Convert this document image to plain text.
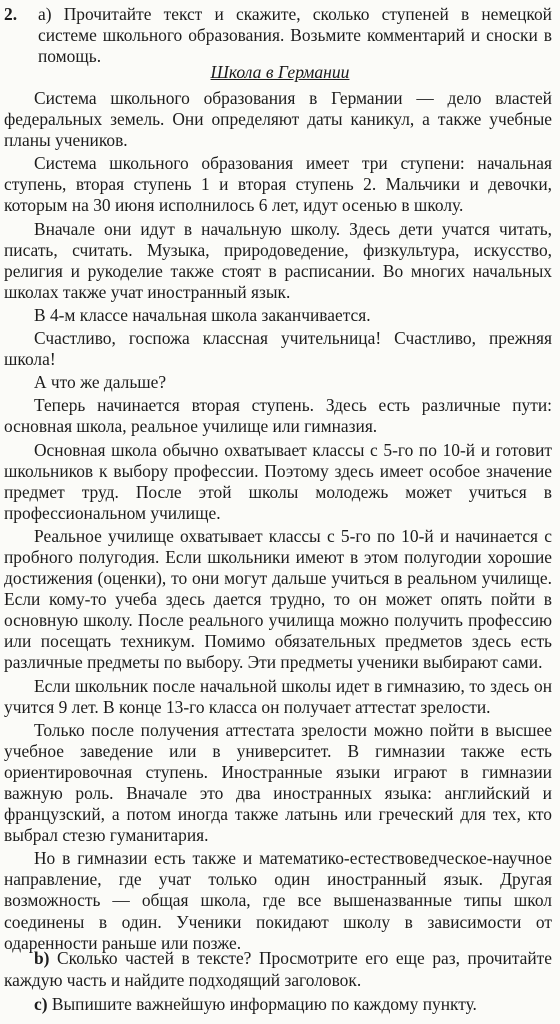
2. a) Прочитайте текст и скажите, сколько ступеней в немецкой системе школьного образования. Возьмите комментарий и сноски в помощь.
Школа в Германии

Система школьного образования в Германии — дело властей федеральных земель. Они определяют даты каникул, а также учебные планы учеников.

Система школьного образования имеет три ступени: начальная ступень, вторая ступень 1 и вторая ступень 2. Мальчики и девочки, которым на 30 июня исполнилось 6 лет, идут осенью в школу.

Вначале они идут в начальную школу. Здесь дети учатся читать, писать, считать. Музыка, природоведение, физкультура, искусство, религия и рукоделие также стоят в расписании. Во многих начальных школах также учат иностранный язык.

В 4-м классе начальная школа заканчивается.

Счастливо, госпожа классная учительница! Счастливо, прежняя школа!

А что же дальше?

Теперь начинается вторая ступень. Здесь есть различные пути: основная школа, реальное училище или гимназия.

Основная школа обычно охватывает классы с 5-го по 10-й и готовит школьников к выбору профессии. Поэтому здесь имеет особое значение предмет труд. После этой школы молодежь может учиться в профессиональном училище.

Реальное училище охватывает классы с 5-го по 10-й и начинается с пробного полугодия. Если школьники имеют в этом полугодии хорошие достижения (оценки), то они могут дальше учиться в реальном училище. Если кому-то учеба здесь дается трудно, то он может опять пойти в основную школу. После реального училища можно получить профессию или посещать техникум. Помимо обязательных предметов здесь есть различные предметы по выбору. Эти предметы ученики выбирают сами.

Если школьник после начальной школы идет в гимназию, то здесь он учится 9 лет. В конце 13-го класса он получает аттестат зрелости.

Только после получения аттестата зрелости можно пойти в высшее учебное заведение или в университет. В гимназии также есть ориентировочная ступень. Иностранные языки играют в гимназии важную роль. Вначале это два иностранных языка: английский и французский, а потом иногда также латынь или греческий для тех, кто выбрал стезю гуманитария.

Но в гимназии есть также и математико-естествоведческое-научное направление, где учат только один иностранный язык. Другая возможность — общая школа, где все вышеназванные типы школ соединены в один. Ученики покидают школу в зависимости от одаренности раньше или позже.

b) Сколько частей в тексте? Просмотрите его еще раз, прочитайте каждую часть и найдите подходящий заголовок.

c) Выпишите важнейшую информацию по каждому пункту.
